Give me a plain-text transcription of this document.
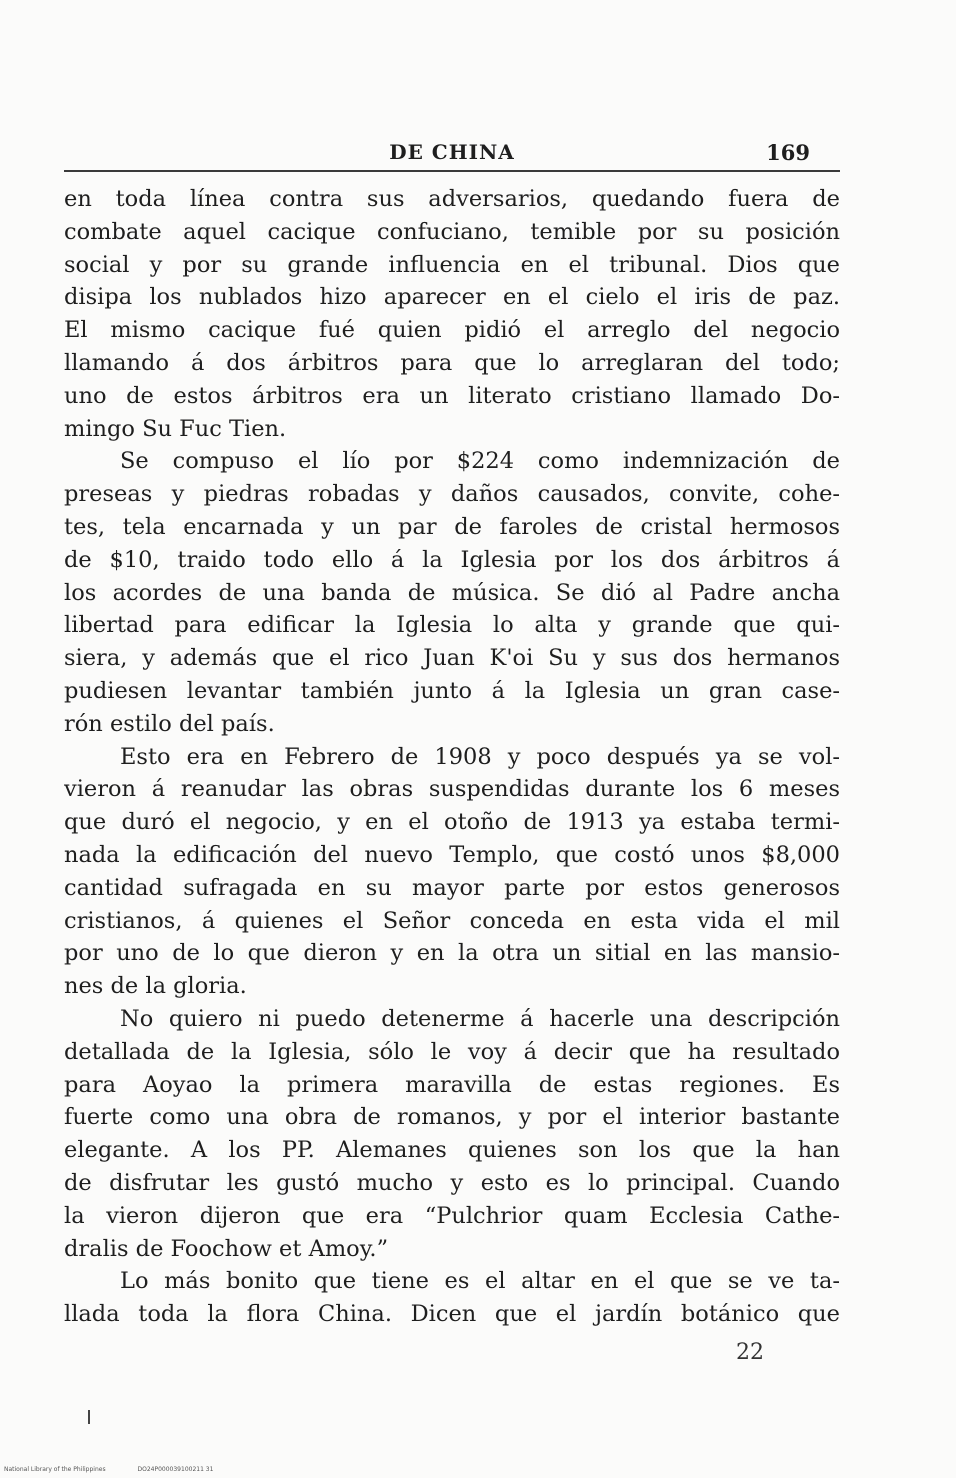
DE CHINA	169
en toda línea contra sus adversarios, quedando fuera de
combate aquel cacique confuciano, temible por su posición
social y por su grande influencia en el tribunal. Dios que
disipa los nublados hizo aparecer en el cielo el iris de paz.
El mismo cacique fué quien pidió el arreglo del negocio
llamando á dos árbitros para que lo arreglaran del todo;
uno de estos árbitros era un literato cristiano llamado Do-
mingo Su Fuc Tien.
Se compuso el lío por $224 como indemnización de
preseas y piedras robadas y daños causados, convite, cohe-
tes, tela encarnada y un par de faroles de cristal hermosos
de $10, traido todo ello á la Iglesia por los dos árbitros á
los acordes de una banda de música. Se dió al Padre ancha
libertad para edificar la Iglesia lo alta y grande que qui-
siera, y además que el rico Juan K'oi Su y sus dos hermanos
pudiesen levantar también junto á la Iglesia un gran case-
rón estilo del país.
Esto era en Febrero de 1908 y poco después ya se vol-
vieron á reanudar las obras suspendidas durante los 6 meses
que duró el negocio, y en el otoño de 1913 ya estaba termi-
nada la edificación del nuevo Templo, que costó unos $8,000
cantidad sufragada en su mayor parte por estos generosos
cristianos, á quienes el Señor conceda en esta vida el mil
por uno de lo que dieron y en la otra un sitial en las mansio-
nes de la gloria.
No quiero ni puedo detenerme á hacerle una descripción
detallada de la Iglesia, sólo le voy á decir que ha resultado
para Aoyao la primera maravilla de estas regiones. Es
fuerte como una obra de romanos, y por el interior bastante
elegante. A los PP. Alemanes quienes son los que la han
de disfrutar les gustó mucho y esto es lo principal. Cuando
la vieron dijeron que era “Pulchrior quam Ecclesia Cathe-
dralis de Foochow et Amoy.”
Lo más bonito que tiene es el altar en el que se ve ta-
llada toda la flora China. Dicen que el jardín botánico que
22
National Library of the Philippines	DO24P000039100211 31
